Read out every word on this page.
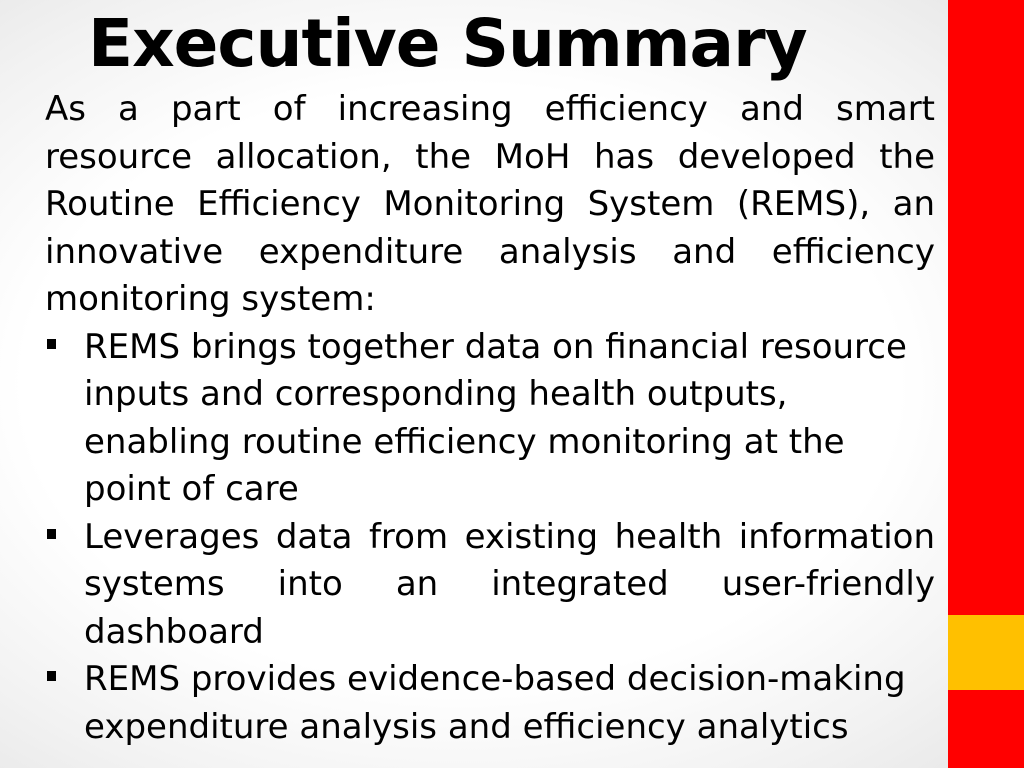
Executive Summary

As a part of increasing efficiency and smart resource allocation, the MoH has developed the Routine Efficiency Monitoring System (REMS), an innovative expenditure analysis and efficiency monitoring system:

REMS brings together data on financial resource inputs and corresponding health outputs, enabling routine efficiency monitoring at the point of care
Leverages data from existing health information systems into an integrated user-friendly dashboard
REMS provides evidence-based decision-making expenditure analysis and efficiency analytics
